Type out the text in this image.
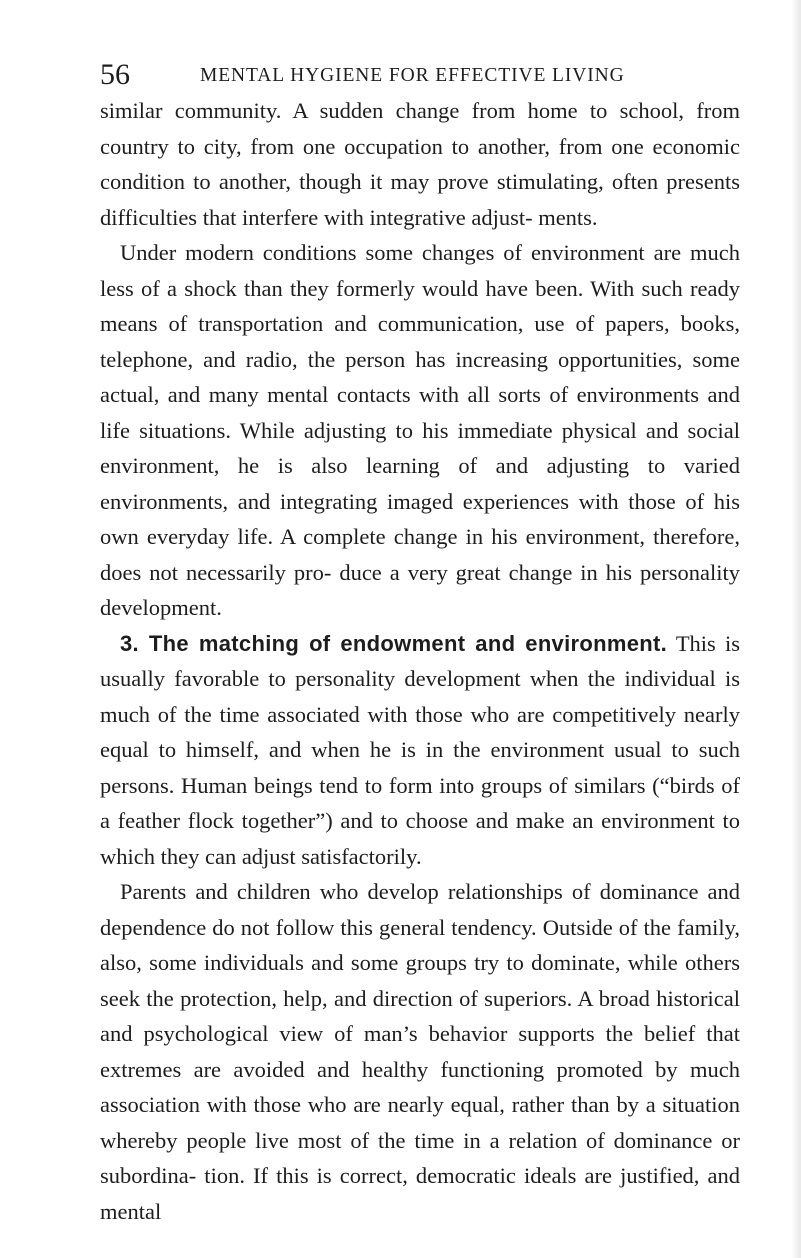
56	MENTAL HYGIENE FOR EFFECTIVE LIVING

similar community. A sudden change from home to school, from country to city, from one occupation to another, from one economic condition to another, though it may prove stimulating, often presents difficulties that interfere with integrative adjust- ments.

Under modern conditions some changes of environment are much less of a shock than they formerly would have been. With such ready means of transportation and communication, use of papers, books, telephone, and radio, the person has increasing opportunities, some actual, and many mental contacts with all sorts of environments and life situations. While adjusting to his immediate physical and social environment, he is also learning of and adjusting to varied environments, and integrating imaged experiences with those of his own everyday life. A complete change in his environment, therefore, does not necessarily pro- duce a very great change in his personality development.

3. The matching of endowment and environment. This is usually favorable to personality development when the individual is much of the time associated with those who are competitively nearly equal to himself, and when he is in the environment usual to such persons. Human beings tend to form into groups of similars (“birds of a feather flock together”) and to choose and make an environment to which they can adjust satisfactorily.

Parents and children who develop relationships of dominance and dependence do not follow this general tendency. Outside of the family, also, some individuals and some groups try to dominate, while others seek the protection, help, and direction of superiors. A broad historical and psychological view of man’s behavior supports the belief that extremes are avoided and healthy functioning promoted by much association with those who are nearly equal, rather than by a situation whereby people live most of the time in a relation of dominance or subordina- tion. If this is correct, democratic ideals are justified, and mental
